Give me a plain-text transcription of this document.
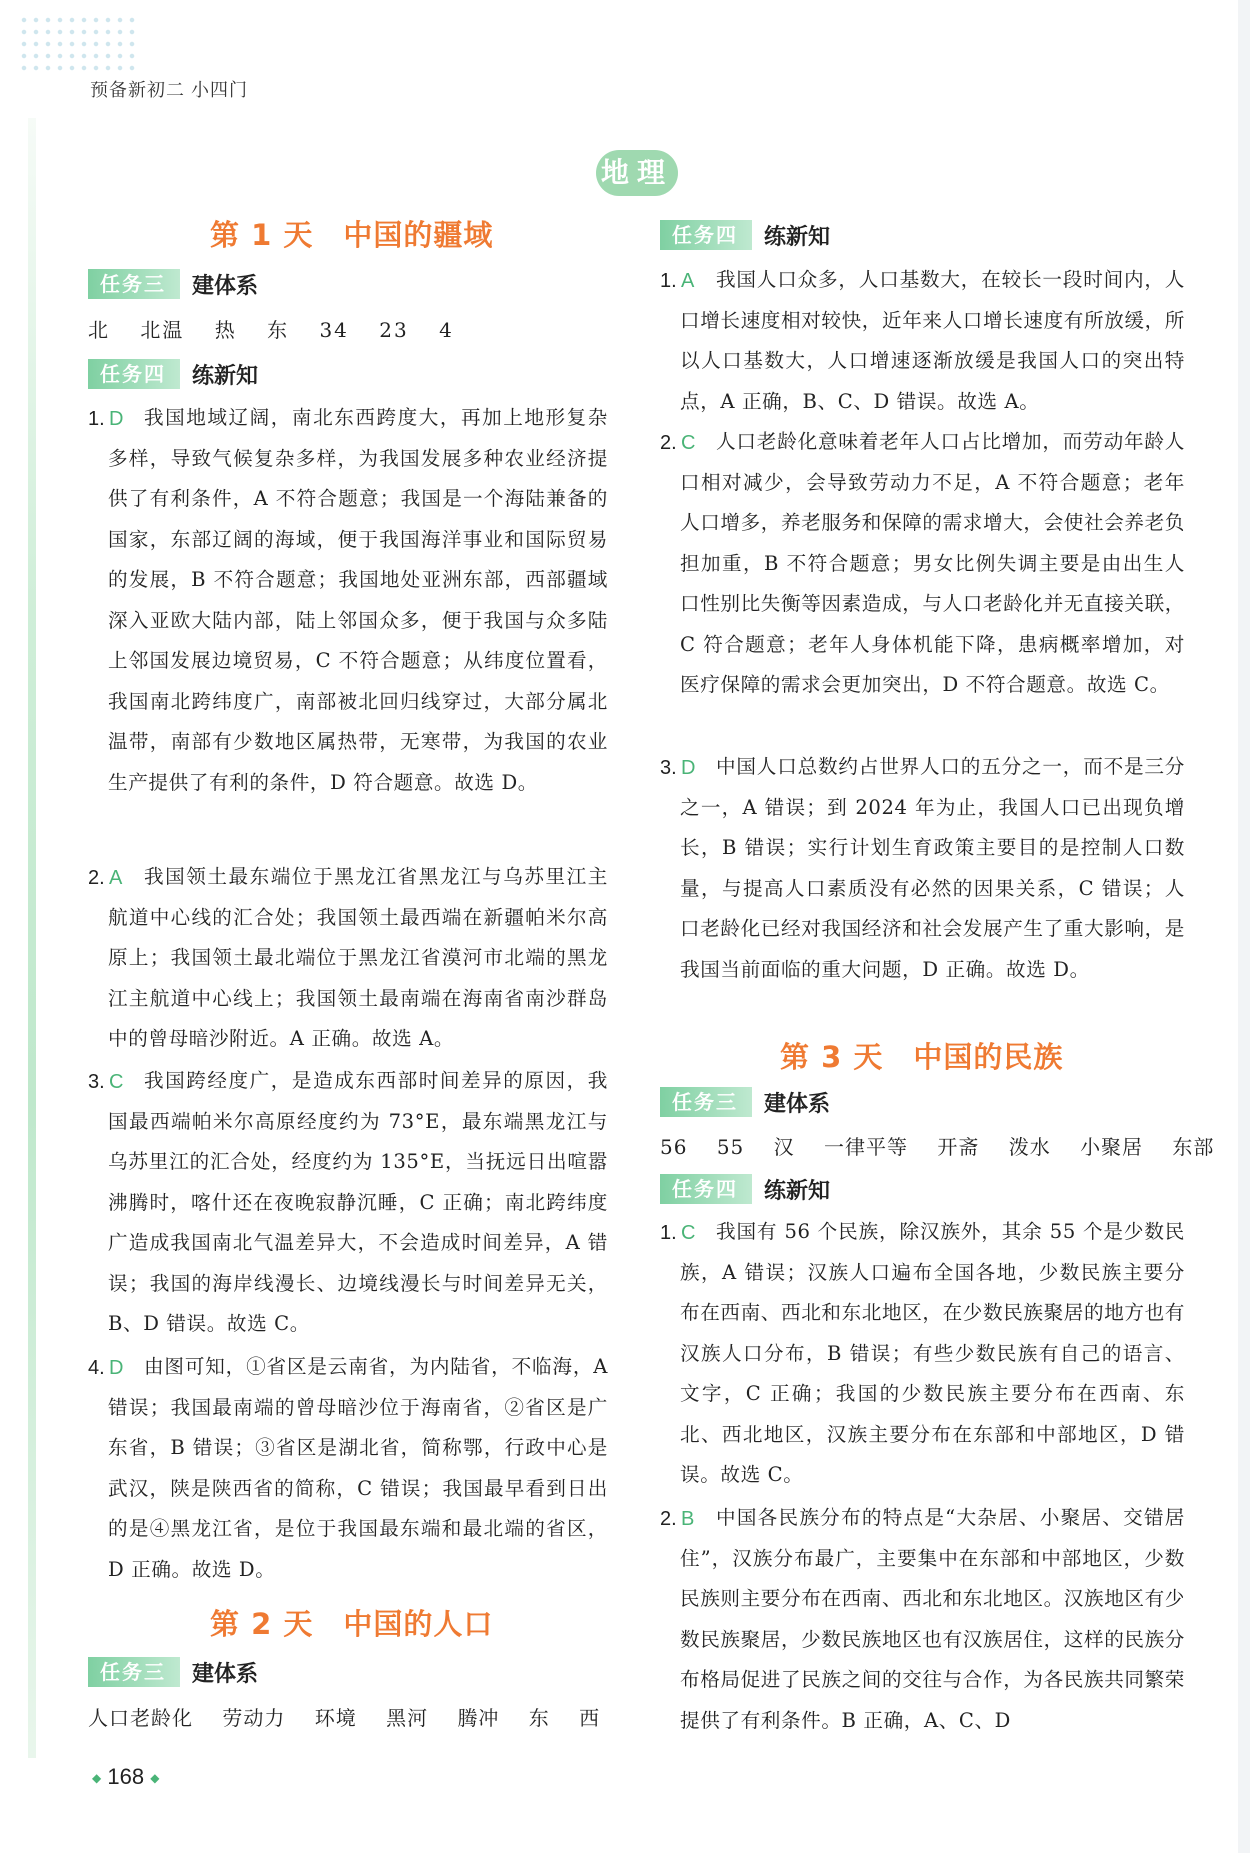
预备新初二 小四门
地理
第 1 天　中国的疆域
任务三	建体系
北 北温 热 东 34 23 4
任务四	练新知
1. D	我国地域辽阔，南北东西跨度大，再加上地形复杂多样，导致气候复杂多样，为我国发展多种农业经济提供了有利条件，A 不符合题意；我国是一个海陆兼备的国家，东部辽阔的海域，便于我国海洋事业和国际贸易的发展，B 不符合题意；我国地处亚洲东部，西部疆域深入亚欧大陆内部，陆上邻国众多，便于我国与众多陆上邻国发展边境贸易，C 不符合题意；从纬度位置看，我国南北跨纬度广，南部被北回归线穿过，大部分属北温带，南部有少数地区属热带，无寒带，为我国的农业生产提供了有利的条件，D 符合题意。故选 D。
2. A	我国领土最东端位于黑龙江省黑龙江与乌苏里江主航道中心线的汇合处；我国领土最西端在新疆帕米尔高原上；我国领土最北端位于黑龙江省漠河市北端的黑龙江主航道中心线上；我国领土最南端在海南省南沙群岛中的曾母暗沙附近。A 正确。故选 A。
3. C	我国跨经度广，是造成东西部时间差异的原因，我国最西端帕米尔高原经度约为 73°E，最东端黑龙江与乌苏里江的汇合处，经度约为 135°E，当抚远日出喧嚣沸腾时，喀什还在夜晚寂静沉睡，C 正确；南北跨纬度广造成我国南北气温差异大，不会造成时间差异，A 错误；我国的海岸线漫长、边境线漫长与时间差异无关，B、D 错误。故选 C。
4. D	由图可知，①省区是云南省，为内陆省，不临海，A 错误；我国最南端的曾母暗沙位于海南省，②省区是广东省，B 错误；③省区是湖北省，简称鄂，行政中心是武汉，陕是陕西省的简称，C 错误；我国最早看到日出的是④黑龙江省，是位于我国最东端和最北端的省区，D 正确。故选 D。
第 2 天　中国的人口
任务三	建体系
人口老龄化 劳动力 环境 黑河 腾冲 东 西
◆ 168 ◆
任务四	练新知
1. A	我国人口众多，人口基数大，在较长一段时间内，人口增长速度相对较快，近年来人口增长速度有所放缓，所以人口基数大，人口增速逐渐放缓是我国人口的突出特点，A 正确，B、C、D 错误。故选 A。
2. C	人口老龄化意味着老年人口占比增加，而劳动年龄人口相对减少，会导致劳动力不足，A 不符合题意；老年人口增多，养老服务和保障的需求增大，会使社会养老负担加重，B 不符合题意；男女比例失调主要是由出生人口性别比失衡等因素造成，与人口老龄化并无直接关联，C 符合题意；老年人身体机能下降，患病概率增加，对医疗保障的需求会更加突出，D 不符合题意。故选 C。
3. D	中国人口总数约占世界人口的五分之一，而不是三分之一，A 错误；到 2024 年为止，我国人口已出现负增长，B 错误；实行计划生育政策主要目的是控制人口数量，与提高人口素质没有必然的因果关系，C 错误；人口老龄化已经对我国经济和社会发展产生了重大影响，是我国当前面临的重大问题，D 正确。故选 D。
第 3 天　中国的民族
任务三	建体系
56 55 汉 一律平等 开斋 泼水 小聚居 东部
任务四	练新知
1. C	我国有 56 个民族，除汉族外，其余 55 个是少数民族，A 错误；汉族人口遍布全国各地，少数民族主要分布在西南、西北和东北地区，在少数民族聚居的地方也有汉族人口分布，B 错误；有些少数民族有自己的语言、文字，C 正确；我国的少数民族主要分布在西南、东北、西北地区，汉族主要分布在东部和中部地区，D 错误。故选 C。
2. B	中国各民族分布的特点是“大杂居、小聚居、交错居住”，汉族分布最广，主要集中在东部和中部地区，少数民族则主要分布在西南、西北和东北地区。汉族地区有少数民族聚居，少数民族地区也有汉族居住，这样的民族分布格局促进了民族之间的交往与合作，为各民族共同繁荣提供了有利条件。B 正确，A、C、D
